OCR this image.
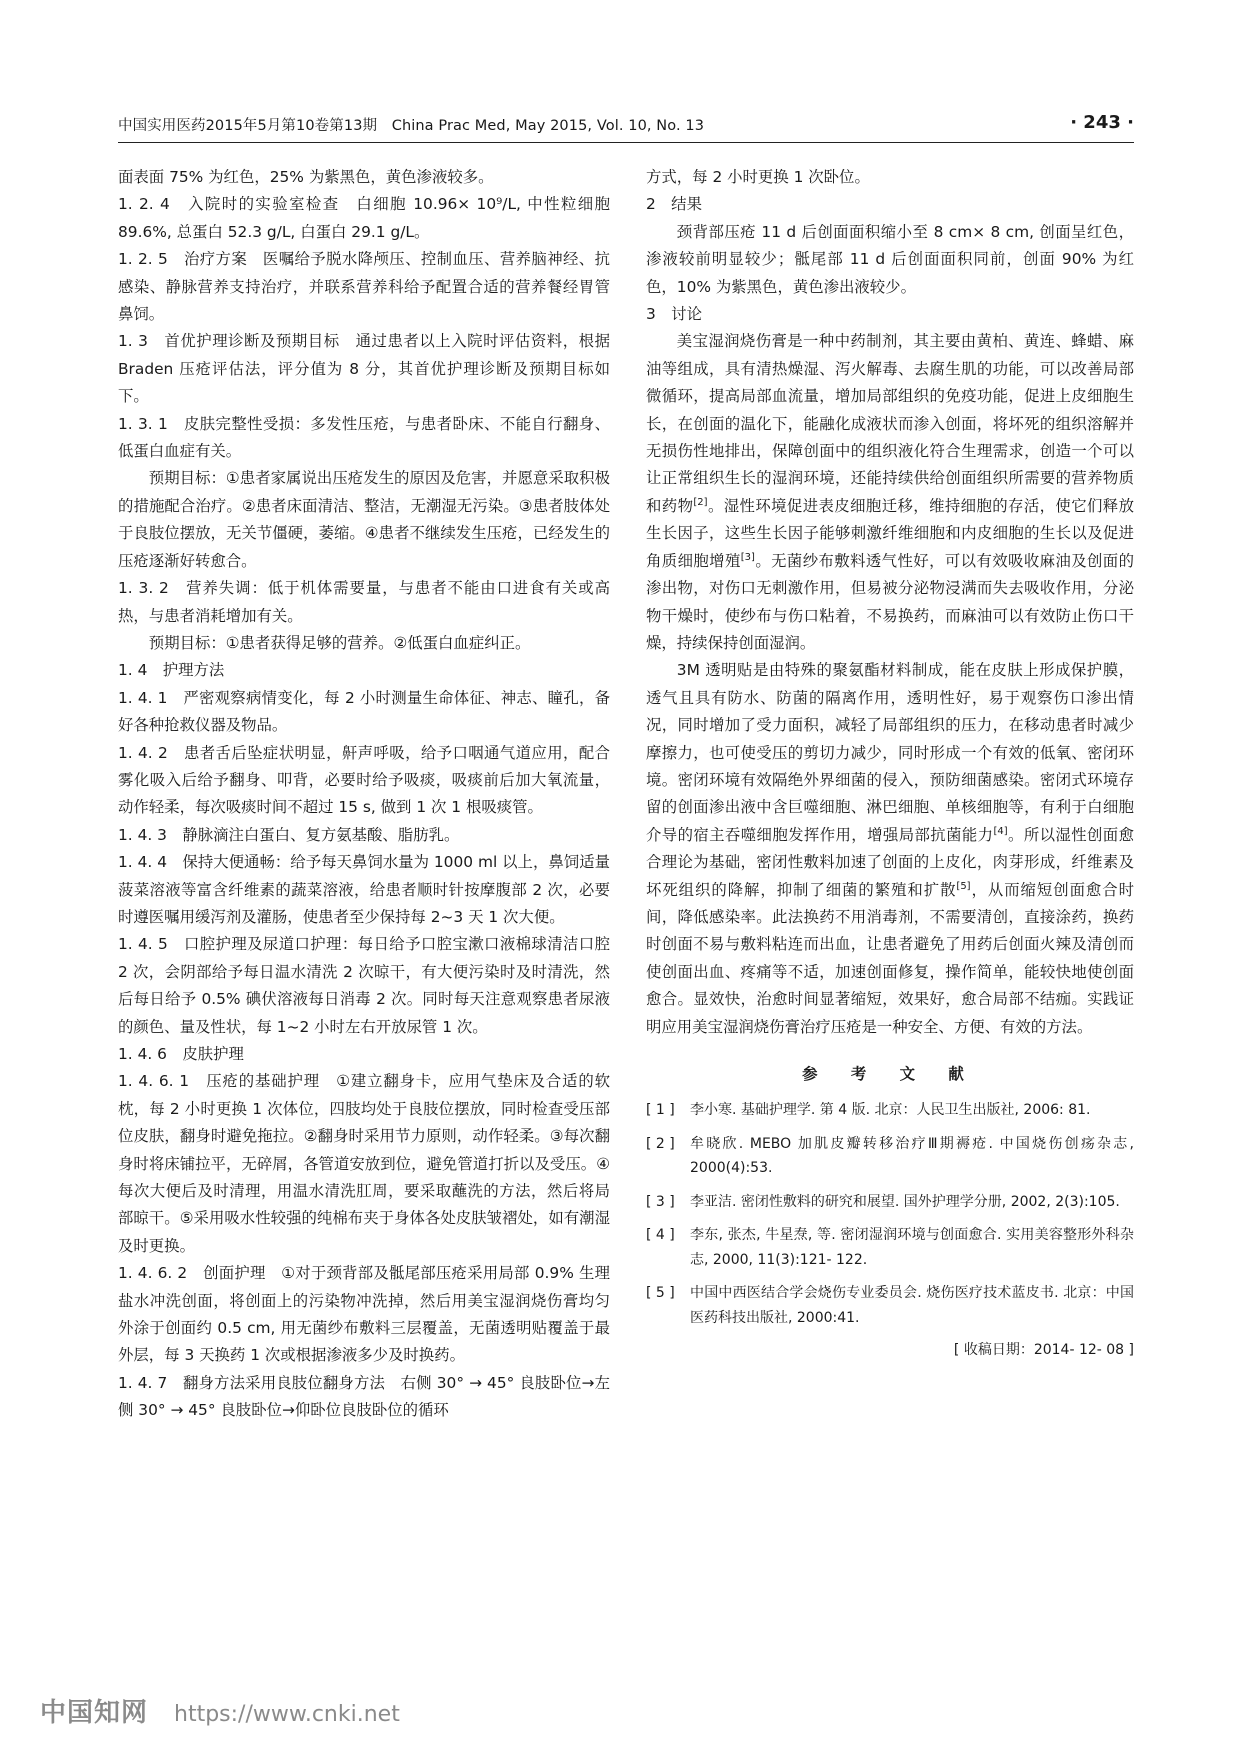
中国实用医药2015年5月第10卷第13期　China Prac Med, May 2015, Vol. 10, No. 13	· 243 ·

面表面 75% 为红色，25% 为紫黑色，黄色渗液较多。

1. 2. 4　入院时的实验室检查　白细胞 10.96× 10⁹/L, 中性粒细胞 89.6%, 总蛋白 52.3 g/L, 白蛋白 29.1 g/L。

1. 2. 5　治疗方案　医嘱给予脱水降颅压、控制血压、营养脑神经、抗感染、静脉营养支持治疗，并联系营养科给予配置合适的营养餐经胃管鼻饲。

1. 3　首优护理诊断及预期目标　通过患者以上入院时评估资料，根据 Braden 压疮评估法，评分值为 8 分，其首优护理诊断及预期目标如下。

1. 3. 1　皮肤完整性受损：多发性压疮，与患者卧床、不能自行翻身、低蛋白血症有关。

预期目标：①患者家属说出压疮发生的原因及危害，并愿意采取积极的措施配合治疗。②患者床面清洁、整洁，无潮湿无污染。③患者肢体处于良肢位摆放，无关节僵硬，萎缩。④患者不继续发生压疮，已经发生的压疮逐渐好转愈合。

1. 3. 2　营养失调：低于机体需要量，与患者不能由口进食有关或高热，与患者消耗增加有关。

预期目标：①患者获得足够的营养。②低蛋白血症纠正。

1. 4　护理方法

1. 4. 1　严密观察病情变化，每 2 小时测量生命体征、神志、瞳孔，备好各种抢救仪器及物品。

1. 4. 2　患者舌后坠症状明显，鼾声呼吸，给予口咽通气道应用，配合雾化吸入后给予翻身、叩背，必要时给予吸痰，吸痰前后加大氧流量，动作轻柔，每次吸痰时间不超过 15 s, 做到 1 次 1 根吸痰管。

1. 4. 3　静脉滴注白蛋白、复方氨基酸、脂肪乳。

1. 4. 4　保持大便通畅：给予每天鼻饲水量为 1000 ml 以上，鼻饲适量菠菜溶液等富含纤维素的蔬菜溶液，给患者顺时针按摩腹部 2 次，必要时遵医嘱用缓泻剂及灌肠，使患者至少保持每 2~3 天 1 次大便。

1. 4. 5　口腔护理及尿道口护理：每日给予口腔宝漱口液棉球清洁口腔 2 次，会阴部给予每日温水清洗 2 次晾干，有大便污染时及时清洗，然后每日给予 0.5% 碘伏溶液每日消毒 2 次。同时每天注意观察患者尿液的颜色、量及性状，每 1~2 小时左右开放尿管 1 次。

1. 4. 6　皮肤护理

1. 4. 6. 1　压疮的基础护理　①建立翻身卡，应用气垫床及合适的软枕，每 2 小时更换 1 次体位，四肢均处于良肢位摆放，同时检查受压部位皮肤，翻身时避免拖拉。②翻身时采用节力原则，动作轻柔。③每次翻身时将床铺拉平，无碎屑，各管道安放到位，避免管道打折以及受压。④每次大便后及时清理，用温水清洗肛周，要采取蘸洗的方法，然后将局部晾干。⑤采用吸水性较强的纯棉布夹于身体各处皮肤皱褶处，如有潮湿及时更换。

1. 4. 6. 2　创面护理　①对于颈背部及骶尾部压疮采用局部 0.9% 生理盐水冲洗创面，将创面上的污染物冲洗掉，然后用美宝湿润烧伤膏均匀外涂于创面约 0.5 cm, 用无菌纱布敷料三层覆盖，无菌透明贴覆盖于最外层，每 3 天换药 1 次或根据渗液多少及时换药。

1. 4. 7　翻身方法采用良肢位翻身方法　右侧 30° → 45° 良肢卧位→左侧 30° → 45° 良肢卧位→仰卧位良肢卧位的循环

方式，每 2 小时更换 1 次卧位。

2　结果

颈背部压疮 11 d 后创面面积缩小至 8 cm× 8 cm, 创面呈红色，渗液较前明显较少；骶尾部 11 d 后创面面积同前，创面 90% 为红色，10% 为紫黑色，黄色渗出液较少。

3　讨论

美宝湿润烧伤膏是一种中药制剂，其主要由黄柏、黄连、蜂蜡、麻油等组成，具有清热燥湿、泻火解毒、去腐生肌的功能，可以改善局部微循环，提高局部血流量，增加局部组织的免疫功能，促进上皮细胞生长，在创面的温化下，能融化成液状而渗入创面，将坏死的组织溶解并无损伤性地排出，保障创面中的组织液化符合生理需求，创造一个可以让正常组织生长的湿润环境，还能持续供给创面组织所需要的营养物质和药物[2]。湿性环境促进表皮细胞迁移，维持细胞的存活，使它们释放生长因子，这些生长因子能够刺激纤维细胞和内皮细胞的生长以及促进角质细胞增殖[3]。无菌纱布敷料透气性好，可以有效吸收麻油及创面的渗出物，对伤口无刺激作用，但易被分泌物浸满而失去吸收作用，分泌物干燥时，使纱布与伤口粘着，不易换药，而麻油可以有效防止伤口干燥，持续保持创面湿润。

3M 透明贴是由特殊的聚氨酯材料制成，能在皮肤上形成保护膜，透气且具有防水、防菌的隔离作用，透明性好，易于观察伤口渗出情况，同时增加了受力面积，减轻了局部组织的压力，在移动患者时减少摩擦力，也可使受压的剪切力减少，同时形成一个有效的低氧、密闭环境。密闭环境有效隔绝外界细菌的侵入，预防细菌感染。密闭式环境存留的创面渗出液中含巨噬细胞、淋巴细胞、单核细胞等，有利于白细胞介导的宿主吞噬细胞发挥作用，增强局部抗菌能力[4]。所以湿性创面愈合理论为基础，密闭性敷料加速了创面的上皮化，肉芽形成，纤维素及坏死组织的降解，抑制了细菌的繁殖和扩散[5]，从而缩短创面愈合时间，降低感染率。此法换药不用消毒剂，不需要清创，直接涂药，换药时创面不易与敷料粘连而出血，让患者避免了用药后创面火辣及清创而使创面出血、疼痛等不适，加速创面修复，操作简单，能较快地使创面愈合。显效快，治愈时间显著缩短，效果好，愈合局部不结痂。实践证明应用美宝湿润烧伤膏治疗压疮是一种安全、方便、有效的方法。

参 考 文 献
[ 1 ]	李小寒. 基础护理学. 第 4 版. 北京：人民卫生出版社, 2006: 81.
[ 2 ]	牟晓欣. MEBO 加肌皮瓣转移治疗Ⅲ期褥疮. 中国烧伤创疡杂志, 2000(4):53.
[ 3 ]	李亚洁. 密闭性敷料的研究和展望. 国外护理学分册, 2002, 2(3):105.
[ 4 ]	李东, 张杰, 牛星焘, 等. 密闭湿润环境与创面愈合. 实用美容整形外科杂志, 2000, 11(3):121- 122.
[ 5 ]	中国中西医结合学会烧伤专业委员会. 烧伤医疗技术蓝皮书. 北京：中国医药科技出版社, 2000:41.
[ 收稿日期：2014- 12- 08 ]
中国知网 https://www.cnki.net
